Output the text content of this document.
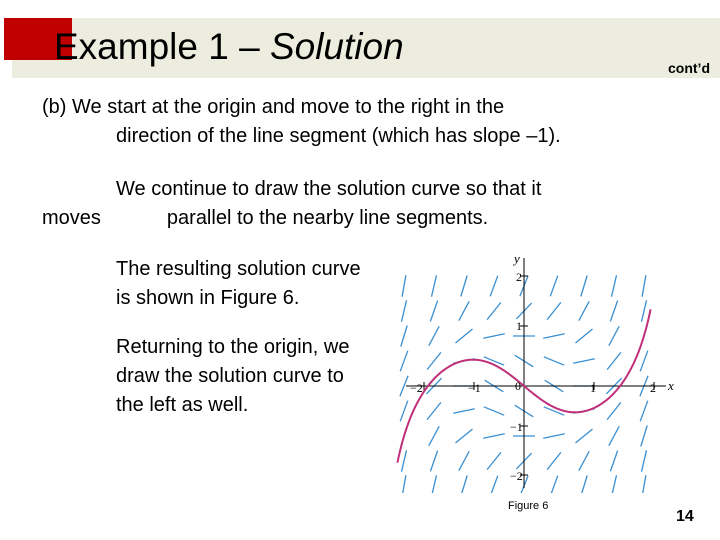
Example 1 – Solution
cont’d
(b) We start at the origin and move to the right in the
direction of the line segment (which has slope –1).
We continue to draw the solution curve so that it
moves	parallel to the nearby line segments.
The resulting solution curve
is shown in Figure 6.
Returning to the origin, we
draw the solution curve to
the left as well.
−2	−1	1	2
0
2
1
−1
−2
y
x
Figure 6
14
